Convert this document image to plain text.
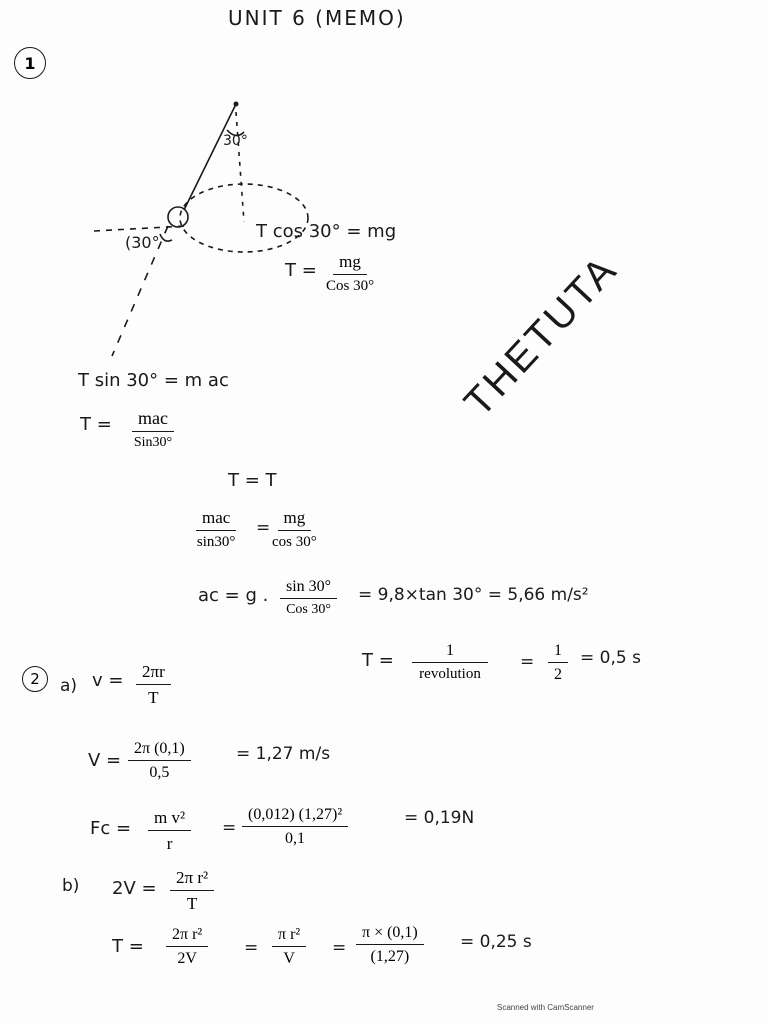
UNIT 6 (MEMO)
1
30°
(30°
T cos 30° = mg
T =	mg
Cos 30°
T sin 30° = m ac
T =	mac
Sin30°
T = T
mac
sin30°
= $\frac{mg}{\cos 30^\circ}$
ac = g .	sin 30°
Cos 30°
= 9,8×tan 30° = 5,66 m/s²
THETUTA
2 a) $v = \frac{2\pi r}{T}$
T =	1
revolution
= $\frac{1}{2} = 0,5$ s
$V = \frac{2\pi (0,1)}{0,5}$	= 1,27 m/s
$Fc = \frac{\text{m v²}}{r} = \frac{\text{(0,012) (1,27)²}}{0,1}$	= 0,19N
b) $2V = \frac{\text{2π r²}}{T}$
$T = \frac{\text{2π r²}}{2V} = \frac{\text{π r²}}{V} = \frac{\pi \times (0,1)}{(1,27)} = 0,25$ s
Scanned with CamScanner
